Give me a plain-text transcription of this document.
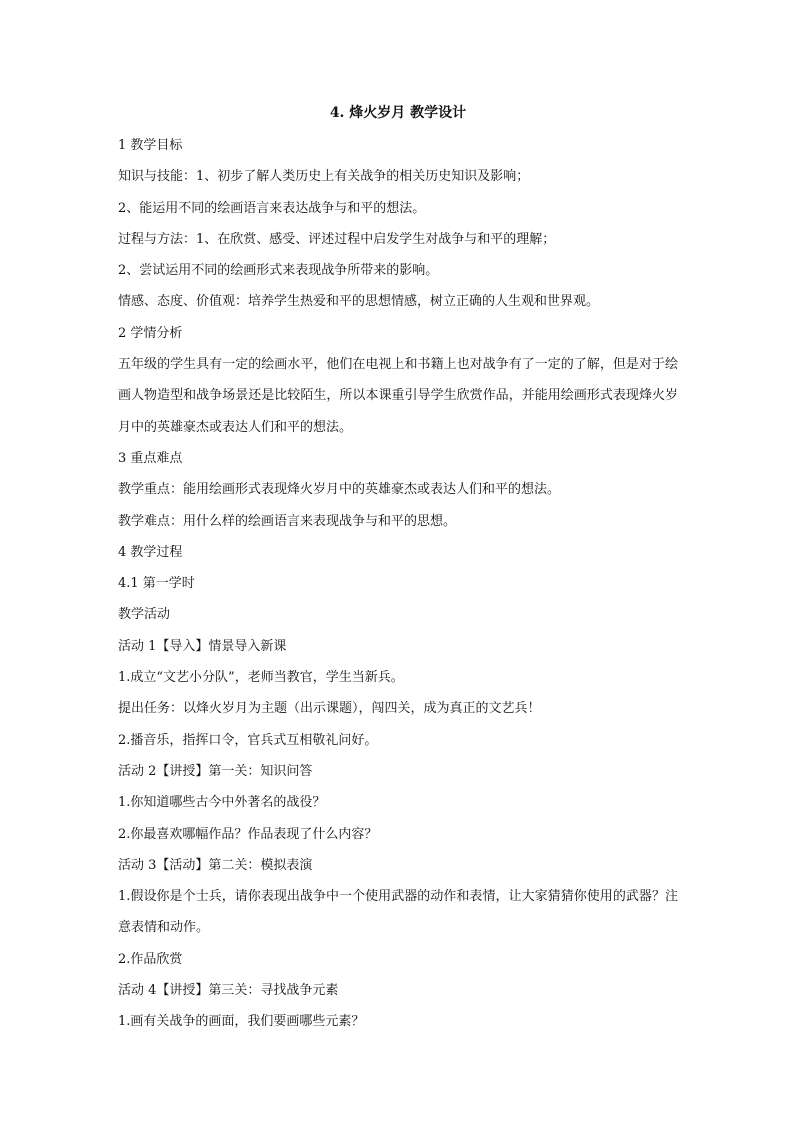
4. 烽火岁月 教学设计
1 教学目标
知识与技能：1、初步了解人类历史上有关战争的相关历史知识及影响；
2、能运用不同的绘画语言来表达战争与和平的想法。
过程与方法：1、在欣赏、感受、评述过程中启发学生对战争与和平的理解；
2、尝试运用不同的绘画形式来表现战争所带来的影响。
情感、态度、价值观：培养学生热爱和平的思想情感，树立正确的人生观和世界观。
2 学情分析
五年级的学生具有一定的绘画水平，他们在电视上和书籍上也对战争有了一定的了解，但是对于绘画人物造型和战争场景还是比较陌生，所以本课重引导学生欣赏作品，并能用绘画形式表现烽火岁月中的英雄豪杰或表达人们和平的想法。
3 重点难点
教学重点：能用绘画形式表现烽火岁月中的英雄豪杰或表达人们和平的想法。
教学难点：用什么样的绘画语言来表现战争与和平的思想。
4 教学过程
4.1 第一学时
教学活动
活动 1【导入】情景导入新课
1.成立“文艺小分队”，老师当教官，学生当新兵。
提出任务：以烽火岁月为主题（出示课题），闯四关，成为真正的文艺兵！
2.播音乐，指挥口令，官兵式互相敬礼问好。
活动 2【讲授】第一关：知识问答
1.你知道哪些古今中外著名的战役？
2.你最喜欢哪幅作品？作品表现了什么内容？
活动 3【活动】第二关：模拟表演
1.假设你是个士兵，请你表现出战争中一个使用武器的动作和表情，让大家猜猜你使用的武器？注意表情和动作。
2.作品欣赏
活动 4【讲授】第三关：寻找战争元素
1.画有关战争的画面，我们要画哪些元素？
